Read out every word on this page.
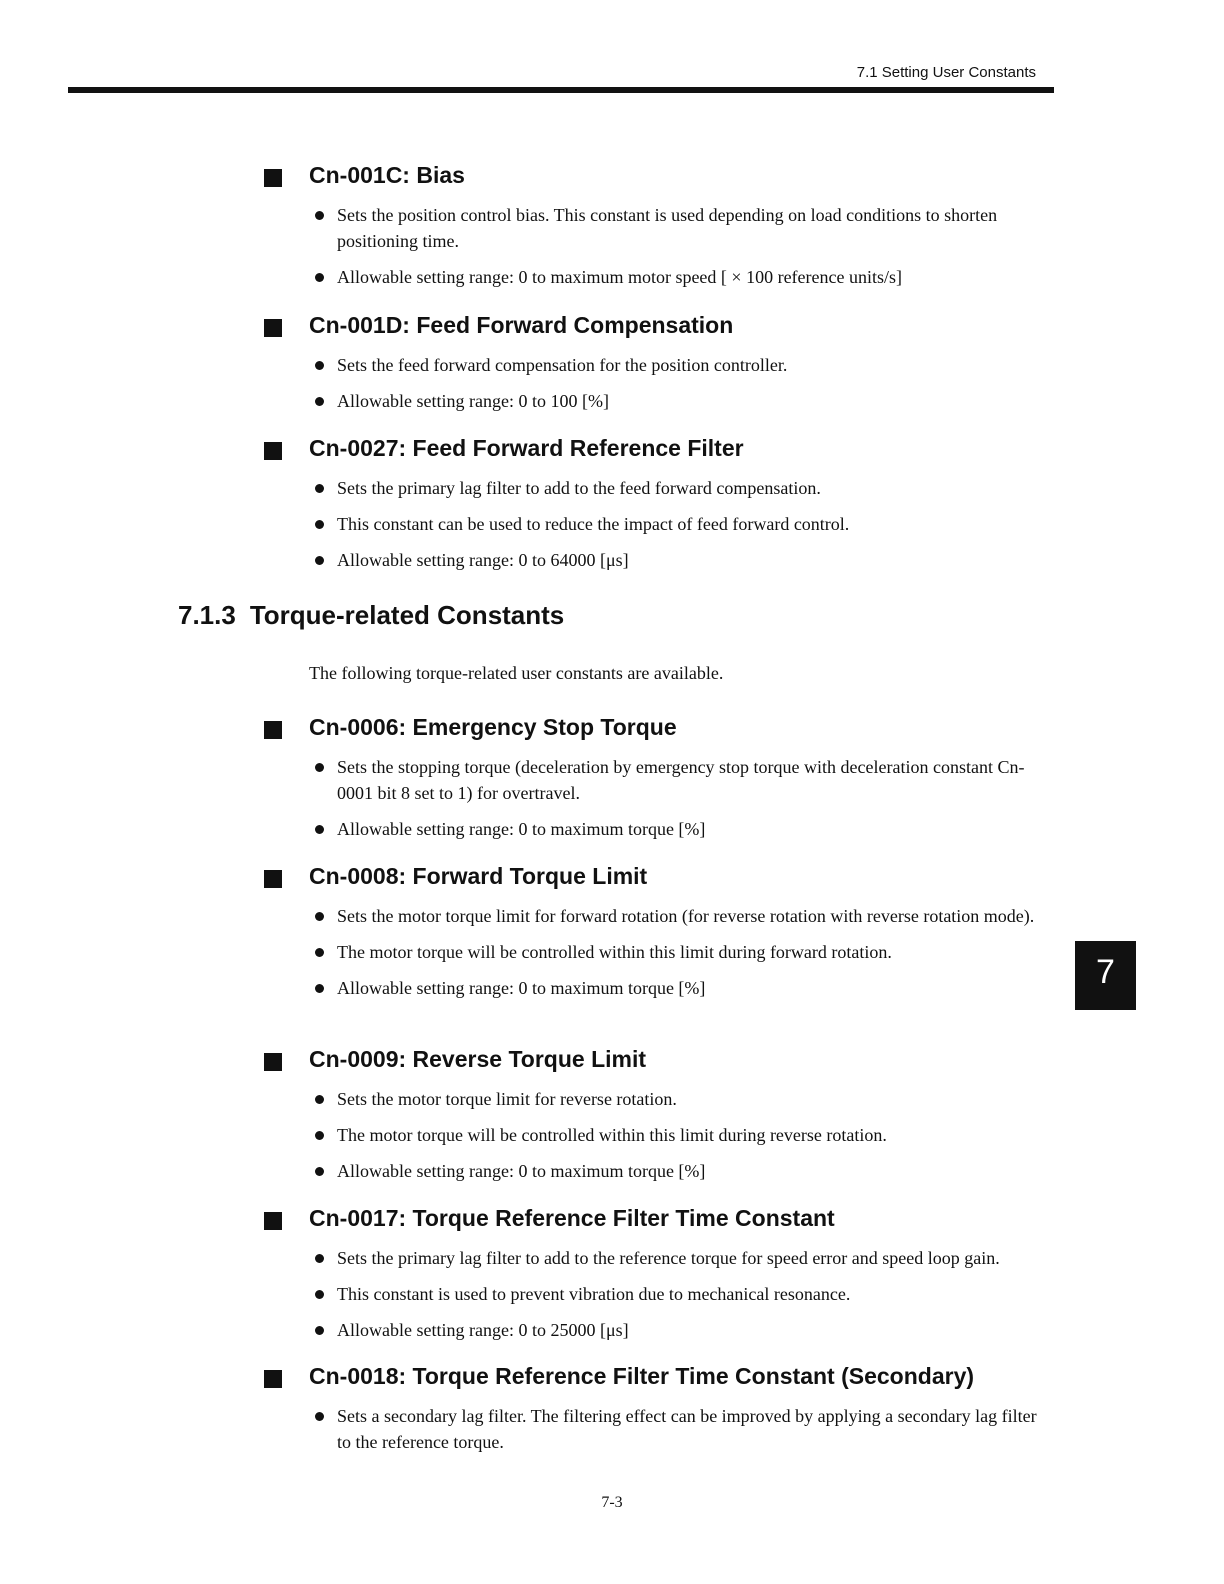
7.1 Setting User Constants
Cn-001C: Bias
Sets the position control bias. This constant is used depending on load conditions to shorten positioning time.
Allowable setting range: 0 to maximum motor speed [ × 100 reference units/s]
Cn-001D: Feed Forward Compensation
Sets the feed forward compensation for the position controller.
Allowable setting range: 0 to 100 [%]
Cn-0027: Feed Forward Reference Filter
Sets the primary lag filter to add to the feed forward compensation.
This constant can be used to reduce the impact of feed forward control.
Allowable setting range: 0 to 64000 [μs]
7.1.3 Torque-related Constants
The following torque-related user constants are available.
Cn-0006: Emergency Stop Torque
Sets the stopping torque (deceleration by emergency stop torque with deceleration constant Cn-0001 bit 8 set to 1) for overtravel.
Allowable setting range: 0 to maximum torque [%]
Cn-0008: Forward Torque Limit
Sets the motor torque limit for forward rotation (for reverse rotation with reverse rotation mode).
The motor torque will be controlled within this limit during forward rotation.
Allowable setting range: 0 to maximum torque [%]
Cn-0009: Reverse Torque Limit
Sets the motor torque limit for reverse rotation.
The motor torque will be controlled within this limit during reverse rotation.
Allowable setting range: 0 to maximum torque [%]
Cn-0017: Torque Reference Filter Time Constant
Sets the primary lag filter to add to the reference torque for speed error and speed loop gain.
This constant is used to prevent vibration due to mechanical resonance.
Allowable setting range: 0 to 25000 [μs]
Cn-0018: Torque Reference Filter Time Constant (Secondary)
Sets a secondary lag filter. The filtering effect can be improved by applying a secondary lag filter to the reference torque.
7
7-3
